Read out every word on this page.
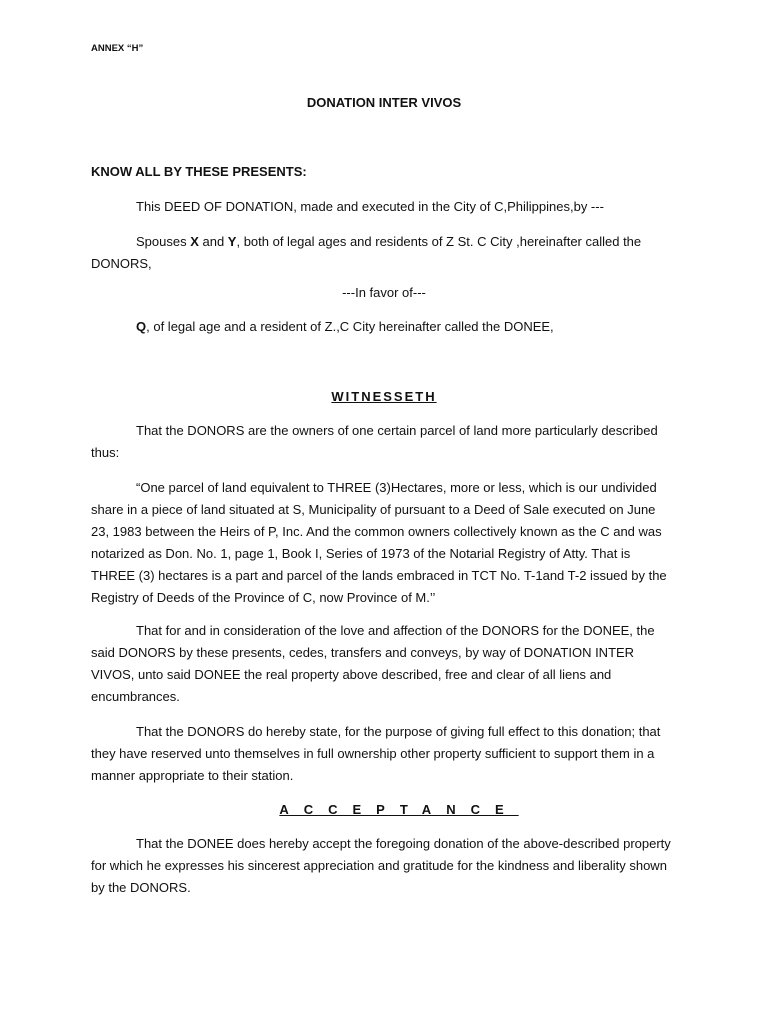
ANNEX “H”
DONATION INTER VIVOS
KNOW ALL BY THESE PRESENTS:
This DEED OF DONATION, made and executed in the City of C,Philippines,by ---
Spouses X and Y, both of legal ages and residents of Z St. C City ,hereinafter called the DONORS,
---In favor of---
Q, of legal age and a resident of Z.,C City hereinafter called the DONEE,
WITNESSETH
That the DONORS are the owners of one certain parcel of land more particularly described thus:
“One parcel of land equivalent to THREE (3)Hectares, more or less, which is our undivided share in a piece of land situated at S, Municipality of pursuant to a Deed of Sale executed on June 23, 1983 between the Heirs of P, Inc. And the common owners collectively known as the C and was notarized as Don. No. 1, page 1, Book I, Series of 1973 of the Notarial Registry of Atty. That is THREE (3) hectares is a part and parcel of the lands embraced in TCT No. T-1and T-2 issued by the Registry of Deeds of the Province of C, now Province of M.’’
That for and in consideration of the love and affection of the DONORS for the DONEE, the said DONORS by these presents, cedes, transfers and conveys, by way of DONATION INTER VIVOS, unto said DONEE the real property above described, free and clear of all liens and encumbrances.
That the DONORS do hereby state, for the purpose of giving full effect to this donation; that they have reserved unto themselves in full ownership other property sufficient to support them in a manner appropriate to their station.
ACCEPTANCE
That the DONEE does hereby accept the foregoing donation of the above-described property for which he expresses his sincerest appreciation and gratitude for the kindness and liberality shown by the DONORS.
